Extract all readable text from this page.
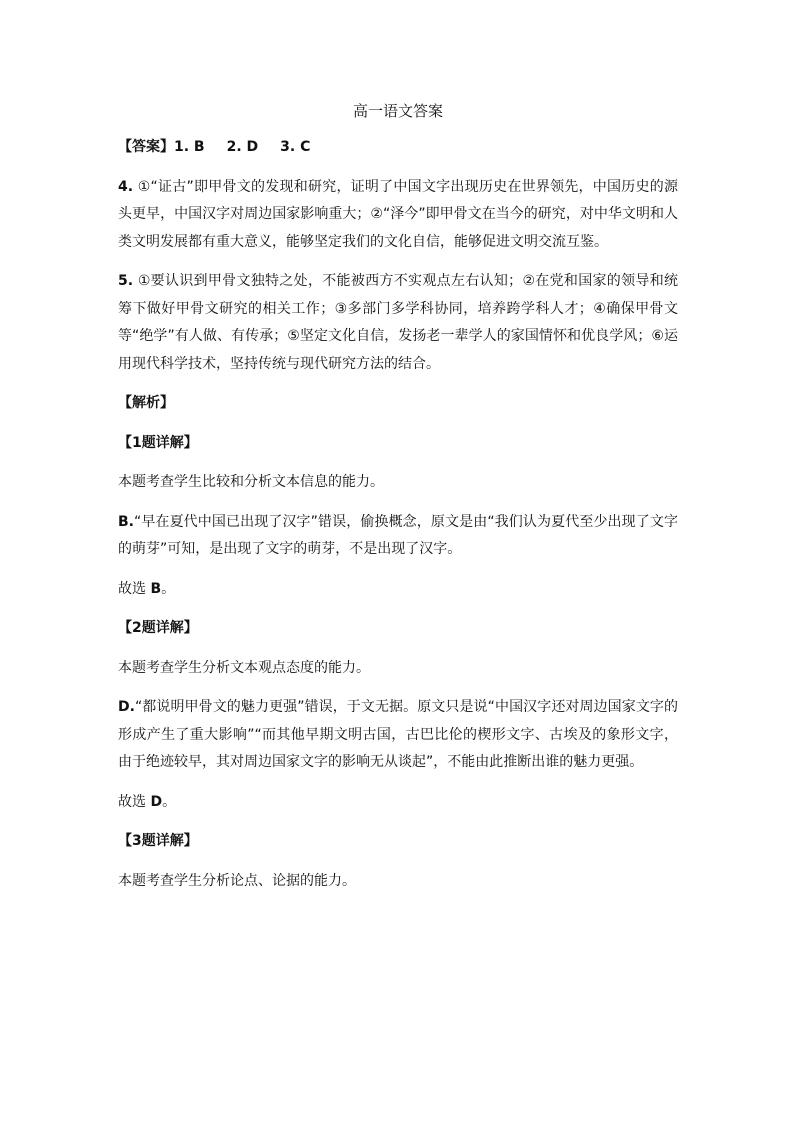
高一语文答案
【答案】1. B 2. D 3. C
4. ①“证古”即甲骨文的发现和研究，证明了中国文字出现历史在世界领先，中国历史的源头更早，中国汉字对周边国家影响重大；②“泽今”即甲骨文在当今的研究，对中华文明和人类文明发展都有重大意义，能够坚定我们的文化自信，能够促进文明交流互鉴。
5. ①要认识到甲骨文独特之处，不能被西方不实观点左右认知；②在党和国家的领导和统筹下做好甲骨文研究的相关工作；③多部门多学科协同，培养跨学科人才；④确保甲骨文等“绝学”有人做、有传承；⑤坚定文化自信，发扬老一辈学人的家国情怀和优良学风；⑥运用现代科学技术，坚持传统与现代研究方法的结合。
【解析】
【1题详解】
本题考查学生比较和分析文本信息的能力。
B.“早在夏代中国已出现了汉字”错误，偷换概念，原文是由“我们认为夏代至少出现了文字的萌芽”可知，是出现了文字的萌芽，不是出现了汉字。
故选 B。
【2题详解】
本题考查学生分析文本观点态度的能力。
D.“都说明甲骨文的魅力更强”错误，于文无据。原文只是说“中国汉字还对周边国家文字的形成产生了重大影响”“而其他早期文明古国，古巴比伦的楔形文字、古埃及的象形文字，由于绝迹较早，其对周边国家文字的影响无从谈起”，不能由此推断出谁的魅力更强。
故选 D。
【3题详解】
本题考查学生分析论点、论据的能力。
